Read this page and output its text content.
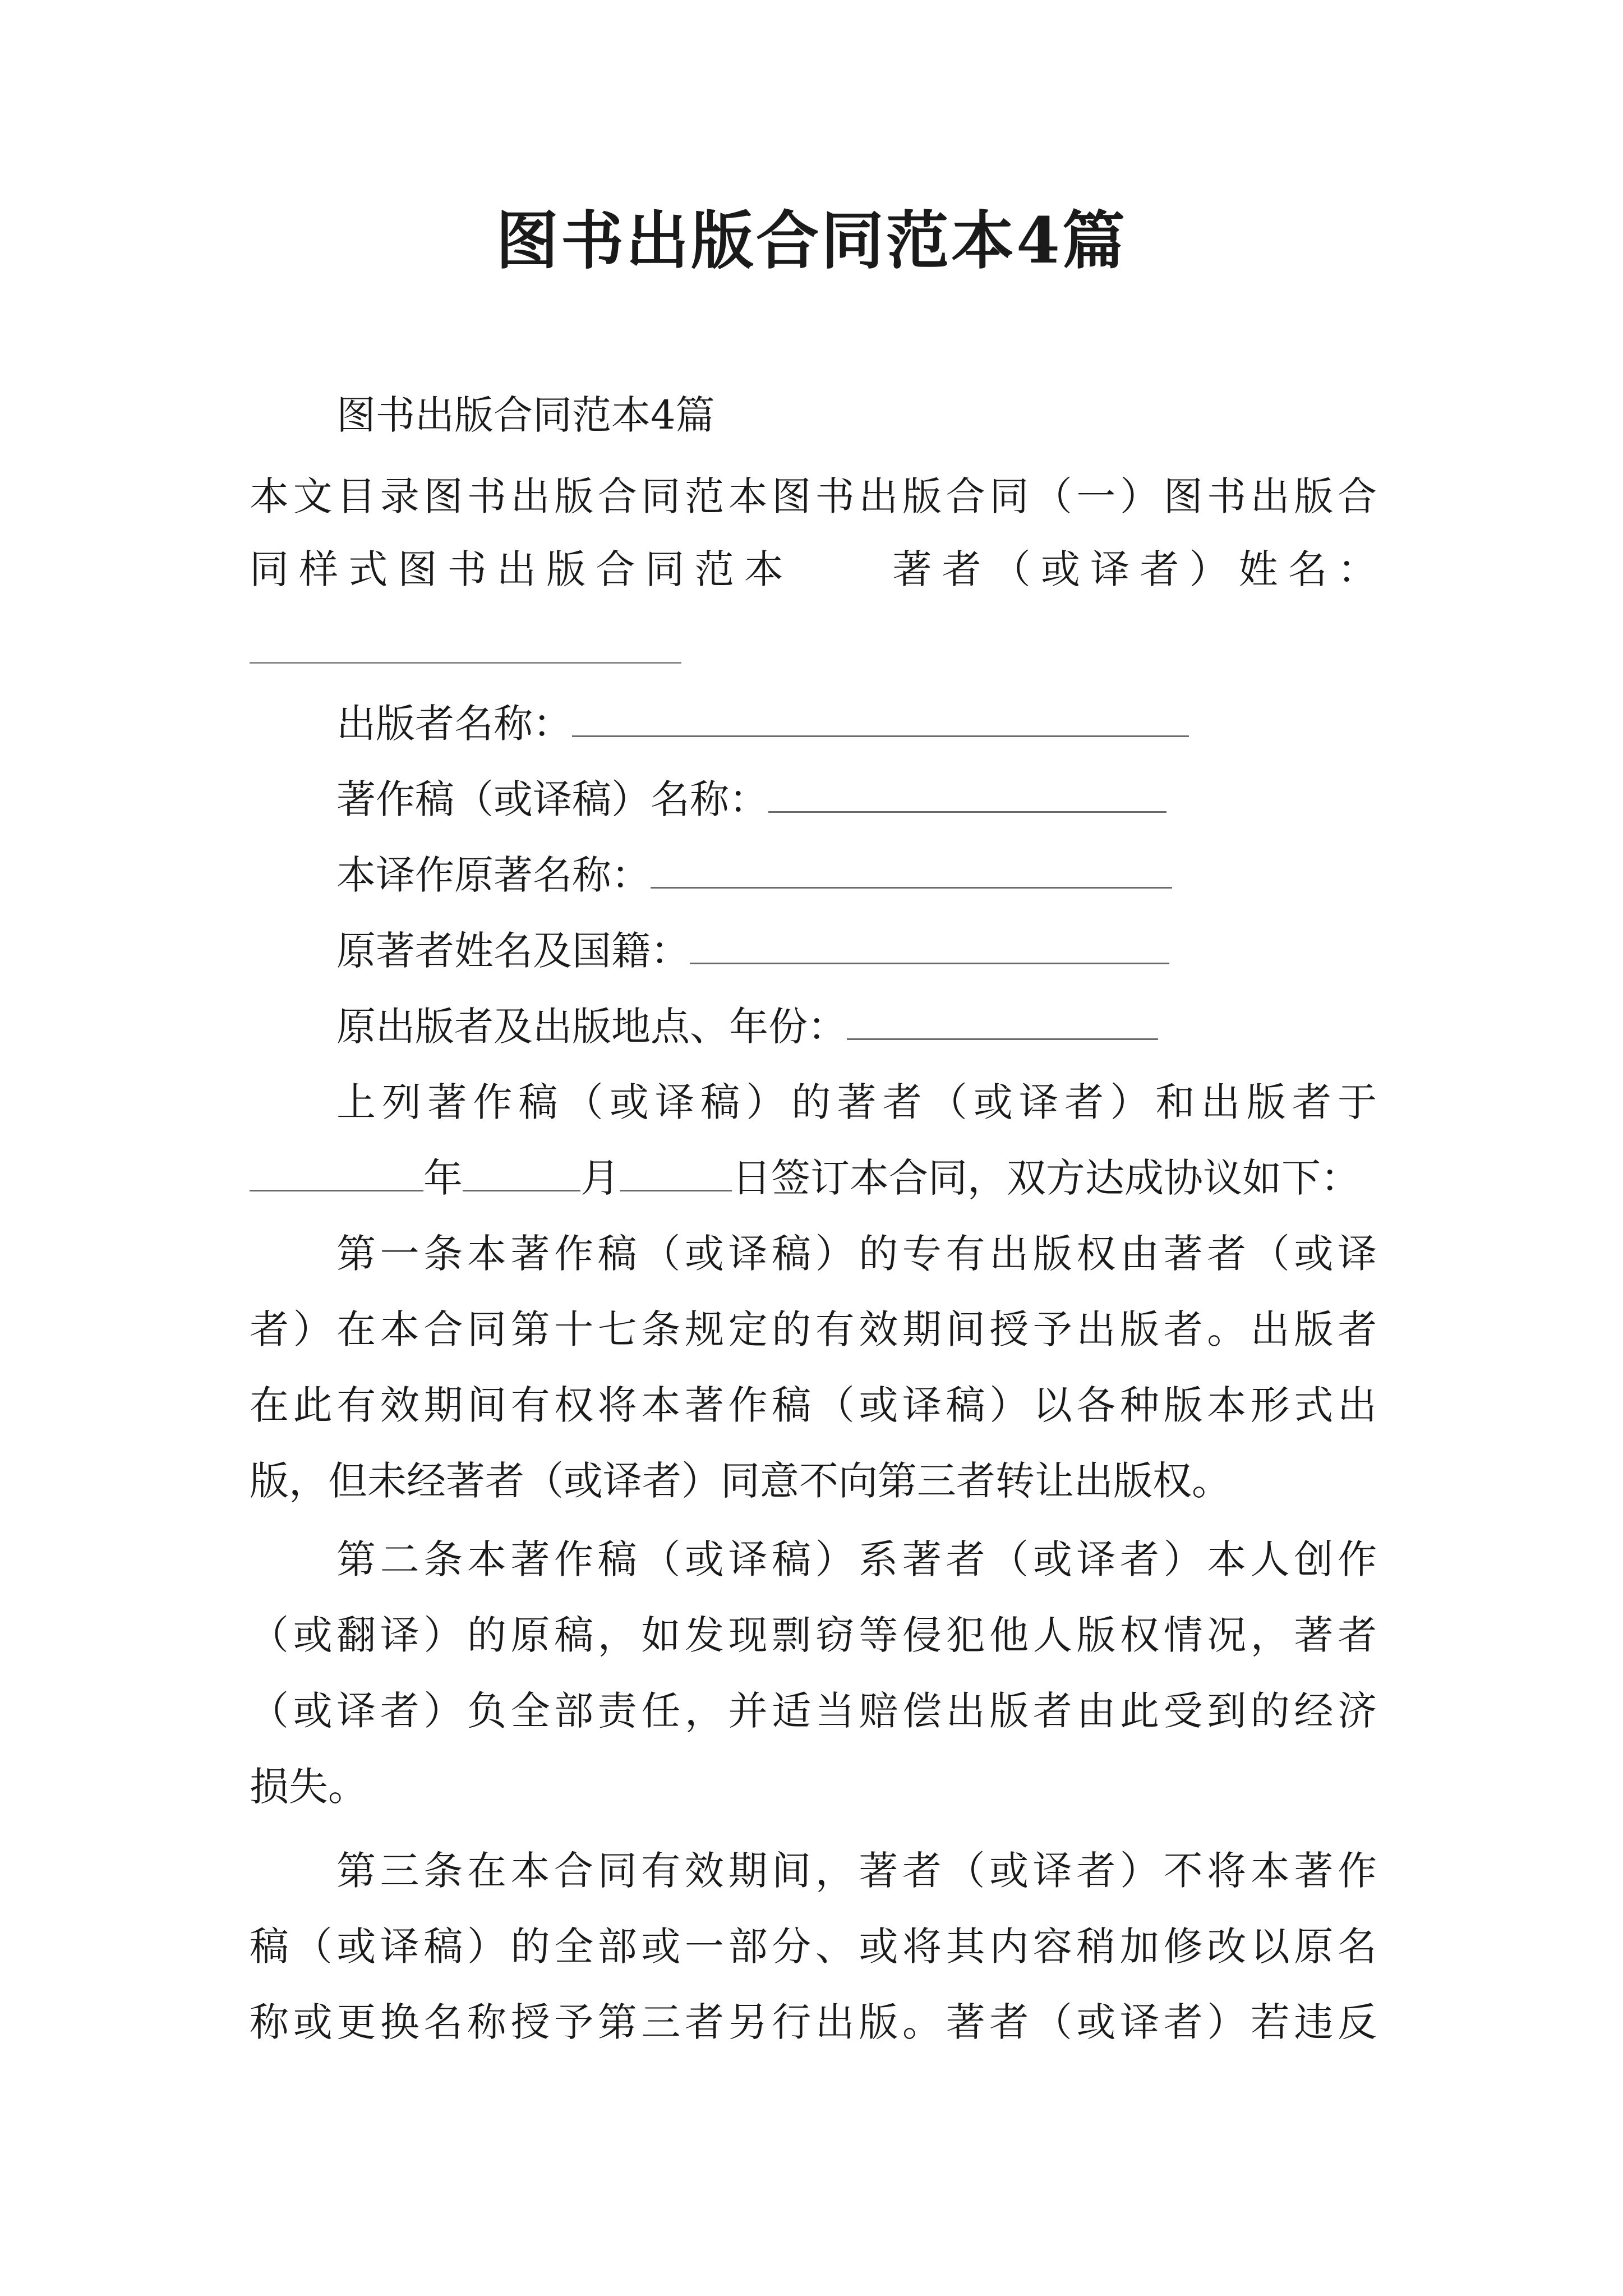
图书出版合同范本4篇
图书出版合同范本4篇
本文目录图书出版合同范本图书出版合同（一）图书出版合
同样式图书出版合同范本　　著者（或译者）姓名：
出版者名称：
著作稿（或译稿）名称：
本译作原著名称：
原著者姓名及国籍：
原出版者及出版地点、年份：
上列著作稿（或译稿）的著者（或译者）和出版者于
年	月	日签订本合同，双方达成协议如下：
第一条本著作稿（或译稿）的专有出版权由著者（或译
者）在本合同第十七条规定的有效期间授予出版者。出版者
在此有效期间有权将本著作稿（或译稿）以各种版本形式出
版，但未经著者（或译者）同意不向第三者转让出版权。
第二条本著作稿（或译稿）系著者（或译者）本人创作
（或翻译）的原稿，如发现剽窃等侵犯他人版权情况，著者
（或译者）负全部责任，并适当赔偿出版者由此受到的经济
损失。
第三条在本合同有效期间，著者（或译者）不将本著作
稿（或译稿）的全部或一部分、或将其内容稍加修改以原名
称或更换名称授予第三者另行出版。著者（或译者）若违反
